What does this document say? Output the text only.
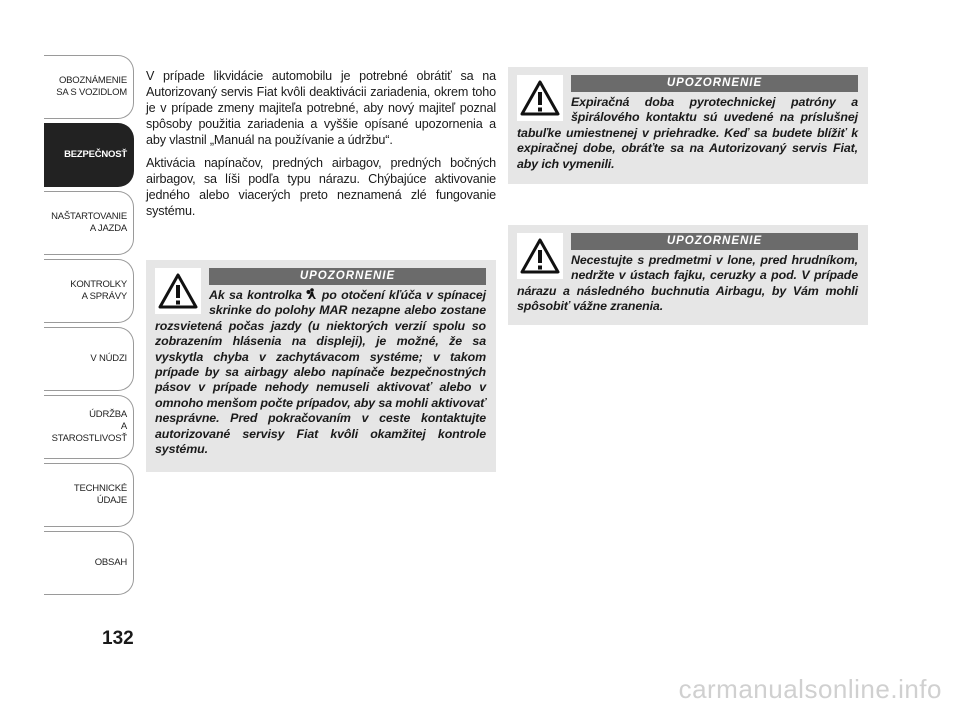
OBOZNÁMENIE
SA S VOZIDLOM
BEZPEČNOSŤ
NAŠTARTOVANIE
A JAZDA
KONTROLKY
A SPRÁVY
V NÚDZI
ÚDRŽBA
A STAROSTLIVOSŤ
TECHNICKÉ
ÚDAJE
OBSAH
132

V prípade likvidácie automobilu je potrebné obrátiť sa na Autorizovaný servis Fiat kvôli deaktivácii zariadenia, okrem toho je v prípade zmeny majiteľa potrebné, aby nový majiteľ poznal spôsoby použitia zariadenia a vyššie opísané upozornenia a aby vlastnil „Manuál na používanie a údržbu“.

Aktivácia napínačov, predných airbagov, predných bočných airbagov, sa líši podľa typu nárazu. Chýbajúce aktivovanie jedného alebo viacerých preto neznamená zlé fungovanie systému.

UPOZORNENIE
Ak sa kontrolka  po otočení kľúča v spínacej skrinke do polohy MAR nezapne alebo zostane rozsvietená počas jazdy (u niektorých verzií spolu so zobrazením hlásenia na displeji), je možné, že sa vyskytla chyba v zachytávacom systéme; v takom prípade by sa airbagy alebo napínače bezpečnostných pásov v prípade nehody nemuseli aktivovať alebo v omnoho menšom počte prípadov, aby sa mohli aktivovať nesprávne. Pred pokračovaním v ceste kontaktujte autorizované servisy Fiat kvôli okamžitej kontrole systému.
UPOZORNENIE
Expiračná doba pyrotechnickej patróny a špirálového kontaktu sú uvedené na príslušnej tabuľke umiestnenej v priehradke. Keď sa budete blížiť k expiračnej dobe, obráťte sa na Autorizovaný servis Fiat, aby ich vymenili.
UPOZORNENIE
Necestujte s predmetmi v lone, pred hrudníkom, nedržte v ústach fajku, ceruzky a pod. V prípade nárazu a následného buchnutia Airbagu, by Vám mohli spôsobiť vážne zranenia.
carmanualsonline.info
